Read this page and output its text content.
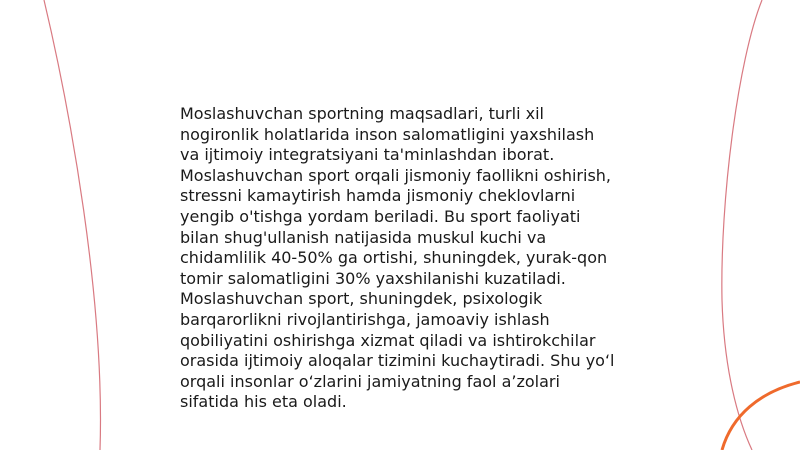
Moslashuvchan sportning maqsadlari, turli xil
nogironlik holatlarida inson salomatligini yaxshilash
va ijtimoiy integratsiyani ta'minlashdan iborat.
Moslashuvchan sport orqali jismoniy faollikni oshirish,
stressni kamaytirish hamda jismoniy cheklovlarni
yengib o'tishga yordam beriladi. Bu sport faoliyati
bilan shug'ullanish natijasida muskul kuchi va
chidamlilik 40-50% ga ortishi, shuningdek, yurak-qon
tomir salomatligini 30% yaxshilanishi kuzatiladi.
Moslashuvchan sport, shuningdek, psixologik
barqarorlikni rivojlantirishga, jamoaviy ishlash
qobiliyatini oshirishga xizmat qiladi va ishtirokchilar
orasida ijtimoiy aloqalar tizimini kuchaytiradi. Shu yo‘l
orqali insonlar o‘zlarini jamiyatning faol a’zolari
sifatida his eta oladi.
